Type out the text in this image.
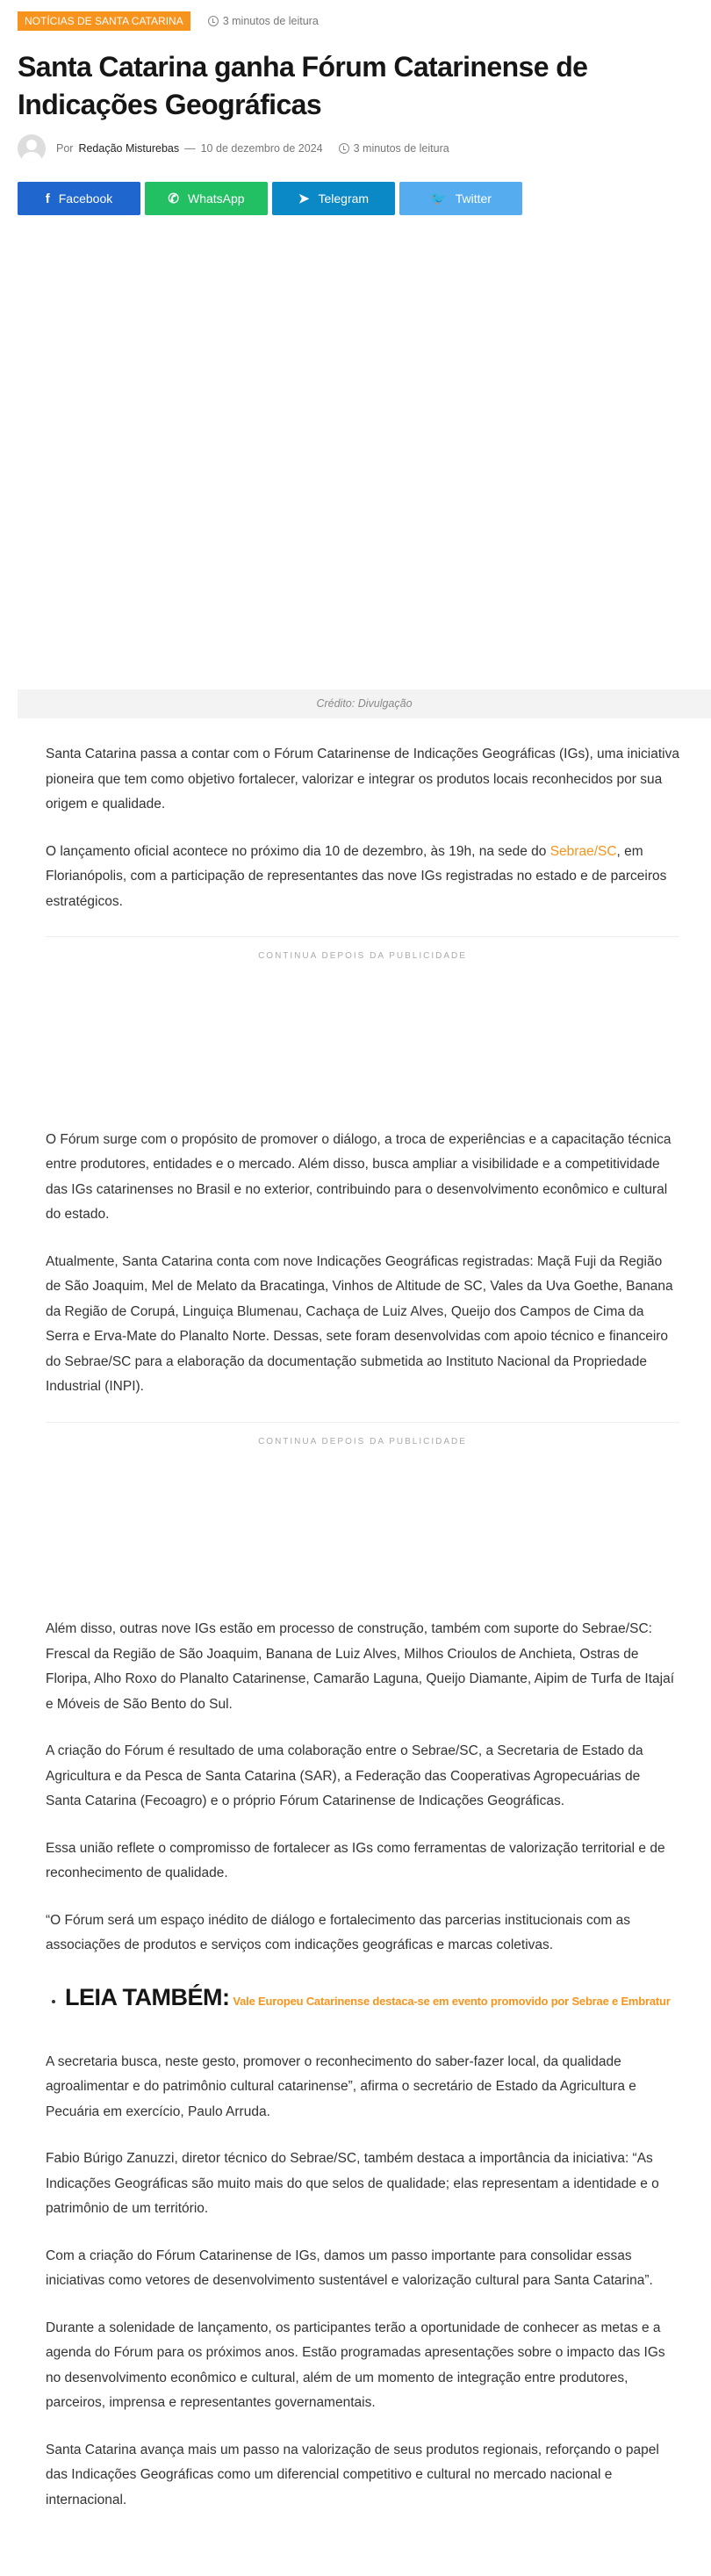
NOTÍCIAS DE SANTA CATARINA	3 minutos de leitura
Santa Catarina ganha Fórum Catarinense de Indicações Geográficas
Por Redação Misturebas — 10 de dezembro de 2024	3 minutos de leitura
f Facebook	✆ WhatsApp	➤ Telegram	🐦 Twitter
Crédito: Divulgação

Santa Catarina passa a contar com o Fórum Catarinense de Indicações Geográficas (IGs), uma iniciativa pioneira que tem como objetivo fortalecer, valorizar e integrar os produtos locais reconhecidos por sua origem e qualidade.

O lançamento oficial acontece no próximo dia 10 de dezembro, às 19h, na sede do Sebrae/SC, em Florianópolis, com a participação de representantes das nove IGs registradas no estado e de parceiros estratégicos.

CONTINUA DEPOIS DA PUBLICIDADE

O Fórum surge com o propósito de promover o diálogo, a troca de experiências e a capacitação técnica entre produtores, entidades e o mercado. Além disso, busca ampliar a visibilidade e a competitividade das IGs catarinenses no Brasil e no exterior, contribuindo para o desenvolvimento econômico e cultural do estado.

Atualmente, Santa Catarina conta com nove Indicações Geográficas registradas: Maçã Fuji da Região de São Joaquim, Mel de Melato da Bracatinga, Vinhos de Altitude de SC, Vales da Uva Goethe, Banana da Região de Corupá, Linguiça Blumenau, Cachaça de Luiz Alves, Queijo dos Campos de Cima da Serra e Erva-Mate do Planalto Norte. Dessas, sete foram desenvolvidas com apoio técnico e financeiro do Sebrae/SC para a elaboração da documentação submetida ao Instituto Nacional da Propriedade Industrial (INPI).

CONTINUA DEPOIS DA PUBLICIDADE

Além disso, outras nove IGs estão em processo de construção, também com suporte do Sebrae/SC: Frescal da Região de São Joaquim, Banana de Luiz Alves, Milhos Crioulos de Anchieta, Ostras de Floripa, Alho Roxo do Planalto Catarinense, Camarão Laguna, Queijo Diamante, Aipim de Turfa de Itajaí e Móveis de São Bento do Sul.

A criação do Fórum é resultado de uma colaboração entre o Sebrae/SC, a Secretaria de Estado da Agricultura e da Pesca de Santa Catarina (SAR), a Federação das Cooperativas Agropecuárias de Santa Catarina (Fecoagro) e o próprio Fórum Catarinense de Indicações Geográficas.

Essa união reflete o compromisso de fortalecer as IGs como ferramentas de valorização territorial e de reconhecimento de qualidade.

“O Fórum será um espaço inédito de diálogo e fortalecimento das parcerias institucionais com as associações de produtos e serviços com indicações geográficas e marcas coletivas.

• LEIA TAMBÉM: Vale Europeu Catarinense destaca-se em evento promovido por Sebrae e Embratur

A secretaria busca, neste gesto, promover o reconhecimento do saber-fazer local, da qualidade agroalimentar e do patrimônio cultural catarinense”, afirma o secretário de Estado da Agricultura e Pecuária em exercício, Paulo Arruda.

Fabio Búrigo Zanuzzi, diretor técnico do Sebrae/SC, também destaca a importância da iniciativa: “As Indicações Geográficas são muito mais do que selos de qualidade; elas representam a identidade e o patrimônio de um território.

Com a criação do Fórum Catarinense de IGs, damos um passo importante para consolidar essas iniciativas como vetores de desenvolvimento sustentável e valorização cultural para Santa Catarina”.

Durante a solenidade de lançamento, os participantes terão a oportunidade de conhecer as metas e a agenda do Fórum para os próximos anos. Estão programadas apresentações sobre o impacto das IGs no desenvolvimento econômico e cultural, além de um momento de integração entre produtores, parceiros, imprensa e representantes governamentais.

Santa Catarina avança mais um passo na valorização de seus produtos regionais, reforçando o papel das Indicações Geográficas como um diferencial competitivo e cultural no mercado nacional e internacional.
